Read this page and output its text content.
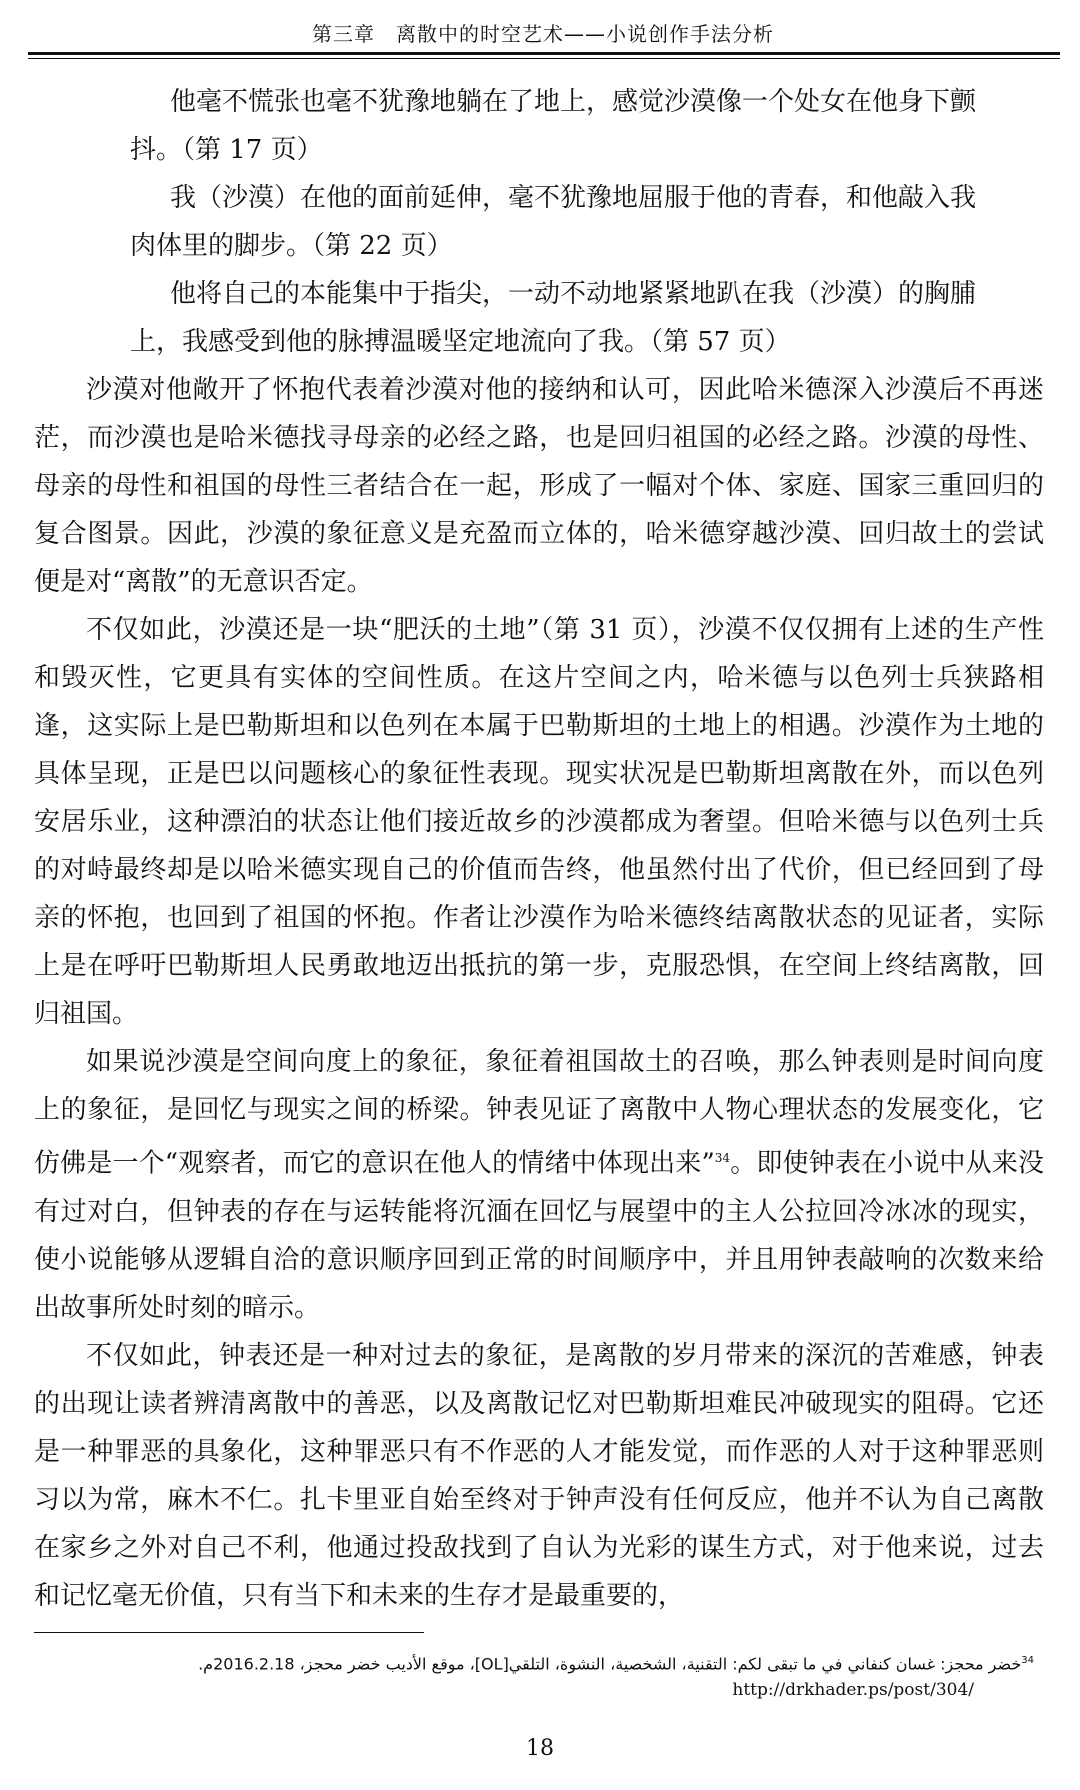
第三章　离散中的时空艺术——小说创作手法分析

他毫不慌张也毫不犹豫地躺在了地上，感觉沙漠像一个处女在他身下颤抖。（第 17 页）

我（沙漠）在他的面前延伸，毫不犹豫地屈服于他的青春，和他敲入我肉体里的脚步。（第 22 页）

他将自己的本能集中于指尖，一动不动地紧紧地趴在我（沙漠）的胸脯上，我感受到他的脉搏温暖坚定地流向了我。（第 57 页）

沙漠对他敞开了怀抱代表着沙漠对他的接纳和认可，因此哈米德深入沙漠后不再迷茫，而沙漠也是哈米德找寻母亲的必经之路，也是回归祖国的必经之路。沙漠的母性、母亲的母性和祖国的母性三者结合在一起，形成了一幅对个体、家庭、国家三重回归的复合图景。因此，沙漠的象征意义是充盈而立体的，哈米德穿越沙漠、回归故土的尝试便是对“离散”的无意识否定。

不仅如此，沙漠还是一块“肥沃的土地”（第 31 页），沙漠不仅仅拥有上述的生产性和毁灭性，它更具有实体的空间性质。在这片空间之内，哈米德与以色列士兵狭路相逢，这实际上是巴勒斯坦和以色列在本属于巴勒斯坦的土地上的相遇。沙漠作为土地的具体呈现，正是巴以问题核心的象征性表现。现实状况是巴勒斯坦离散在外，而以色列安居乐业，这种漂泊的状态让他们接近故乡的沙漠都成为奢望。但哈米德与以色列士兵的对峙最终却是以哈米德实现自己的价值而告终，他虽然付出了代价，但已经回到了母亲的怀抱，也回到了祖国的怀抱。作者让沙漠作为哈米德终结离散状态的见证者，实际上是在呼吁巴勒斯坦人民勇敢地迈出抵抗的第一步，克服恐惧，在空间上终结离散，回归祖国。

如果说沙漠是空间向度上的象征，象征着祖国故土的召唤，那么钟表则是时间向度上的象征，是回忆与现实之间的桥梁。钟表见证了离散中人物心理状态的发展变化，它仿佛是一个“观察者，而它的意识在他人的情绪中体现出来”$^{34}$。即使钟表在小说中从来没有过对白，但钟表的存在与运转能将沉湎在回忆与展望中的主人公拉回冷冰冰的现实，使小说能够从逻辑自洽的意识顺序回到正常的时间顺序中，并且用钟表敲响的次数来给出故事所处时刻的暗示。

不仅如此，钟表还是一种对过去的象征，是离散的岁月带来的深沉的苦难感，钟表的出现让读者辨清离散中的善恶，以及离散记忆对巴勒斯坦难民冲破现实的阻碍。它还是一种罪恶的具象化，这种罪恶只有不作恶的人才能发觉，而作恶的人对于这种罪恶则习以为常，麻木不仁。扎卡里亚自始至终对于钟声没有任何反应，他并不认为自己离散在家乡之外对自己不利，他通过投敌找到了自认为光彩的谋生方式，对于他来说，过去和记忆毫无价值，只有当下和未来的生存才是最重要的，

$^{34}$خضر محجز: غسان كنفاني في ما تبقى لكم: التقنية، الشخصية، النشوة، التلقي[OL]، موقع الأديب خضر محجز، 2016.2.18م.
http://drkhader.ps/post/304/
18
